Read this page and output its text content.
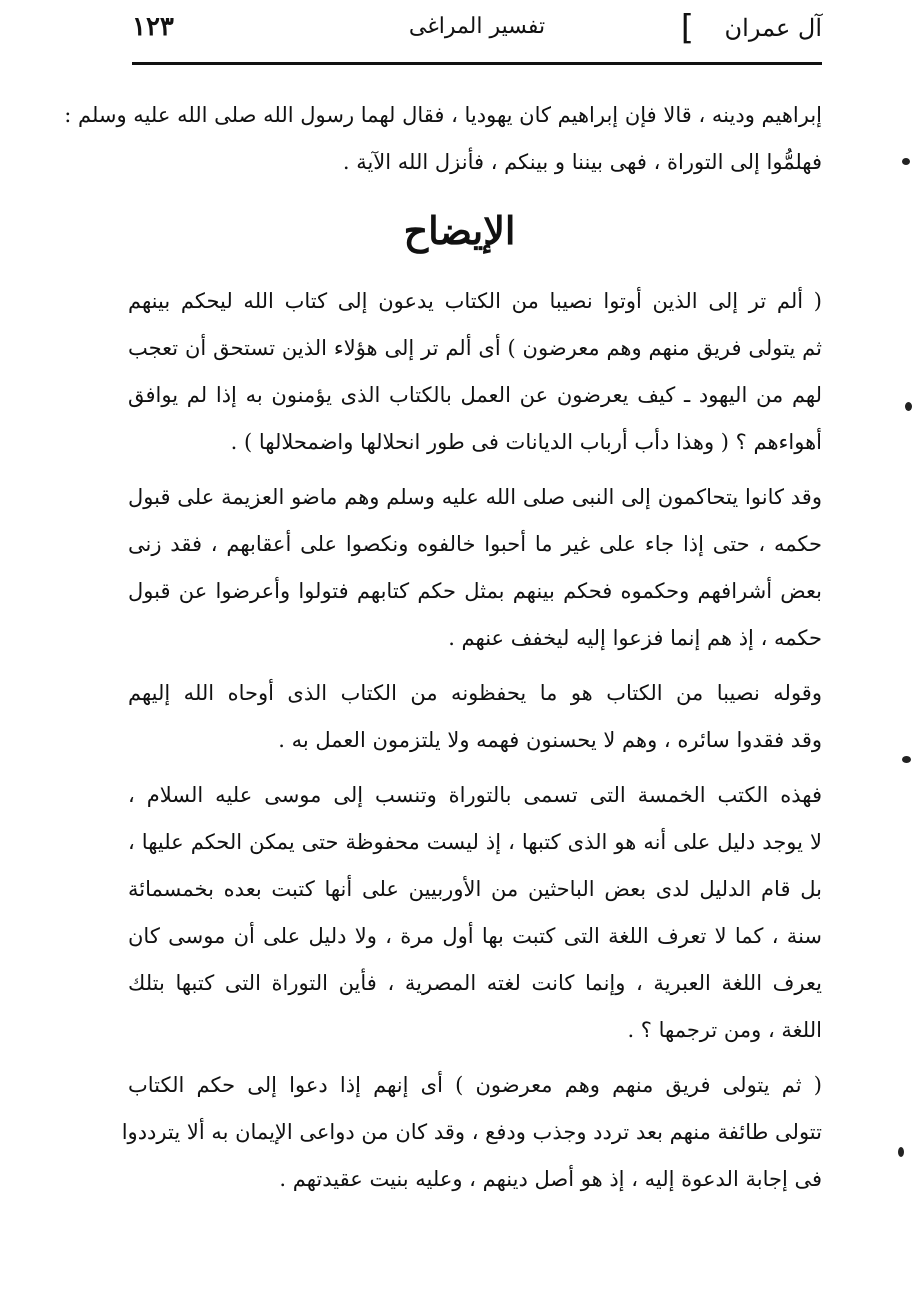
آل عمران
]
تفسير المراغى
١٢٣
إبراهيم ودينه ، قالا فإن إبراهيم كان يهوديا ، فقال لهما رسول الله صلى الله عليه وسلم :
فهلمُّوا إلى التوراة ، فهى بيننا و بينكم ، فأنزل الله الآية .
الإيضاح
( ألم تر إلى الذين أوتوا نصيبا من الكتاب يدعون إلى كتاب الله ليحكم بينهم
ثم يتولى فريق منهم وهم معرضون ) أى ألم تر إلى هؤلاء الذين تستحق أن تعجب
لهم من اليهود ـ كيف يعرضون عن العمل بالكتاب الذى يؤمنون به إذا لم يوافق
أهواءهم ؟ ( وهذا دأب أرباب الديانات فى طور انحلالها واضمحلالها ) .
وقد كانوا يتحاكمون إلى النبى صلى الله عليه وسلم وهم ماضو العزيمة على قبول
حكمه ، حتى إذا جاء على غير ما أحبوا خالفوه ونكصوا على أعقابهم ، فقد زنى
بعض أشرافهم وحكموه فحكم بينهم بمثل حكم كتابهم فتولوا وأعرضوا عن قبول
حكمه ، إذ هم إنما فزعوا إليه ليخفف عنهم .
وقوله نصيبا من الكتاب هو ما يحفظونه من الكتاب الذى أوحاه الله إليهم
وقد فقدوا سائره ، وهم لا يحسنون فهمه ولا يلتزمون العمل به .
فهذه الكتب الخمسة التى تسمى بالتوراة وتنسب إلى موسى عليه السلام ،
لا يوجد دليل على أنه هو الذى كتبها ، إذ ليست محفوظة حتى يمكن الحكم عليها ،
بل قام الدليل لدى بعض الباحثين من الأوربيين على أنها كتبت بعده بخمسمائة
سنة ، كما لا تعرف اللغة التى كتبت بها أول مرة ، ولا دليل على أن موسى كان
يعرف اللغة العبرية ، وإنما كانت لغته المصرية ، فأين التوراة التى كتبها بتلك
اللغة ، ومن ترجمها ؟ .
( ثم يتولى فريق منهم وهم معرضون ) أى إنهم إذا دعوا إلى حكم الكتاب
تتولى طائفة منهم بعد تردد وجذب ودفع ، وقد كان من دواعى الإيمان به ألا يترددوا
فى إجابة الدعوة إليه ، إذ هو أصل دينهم ، وعليه بنيت عقيدتهم .
